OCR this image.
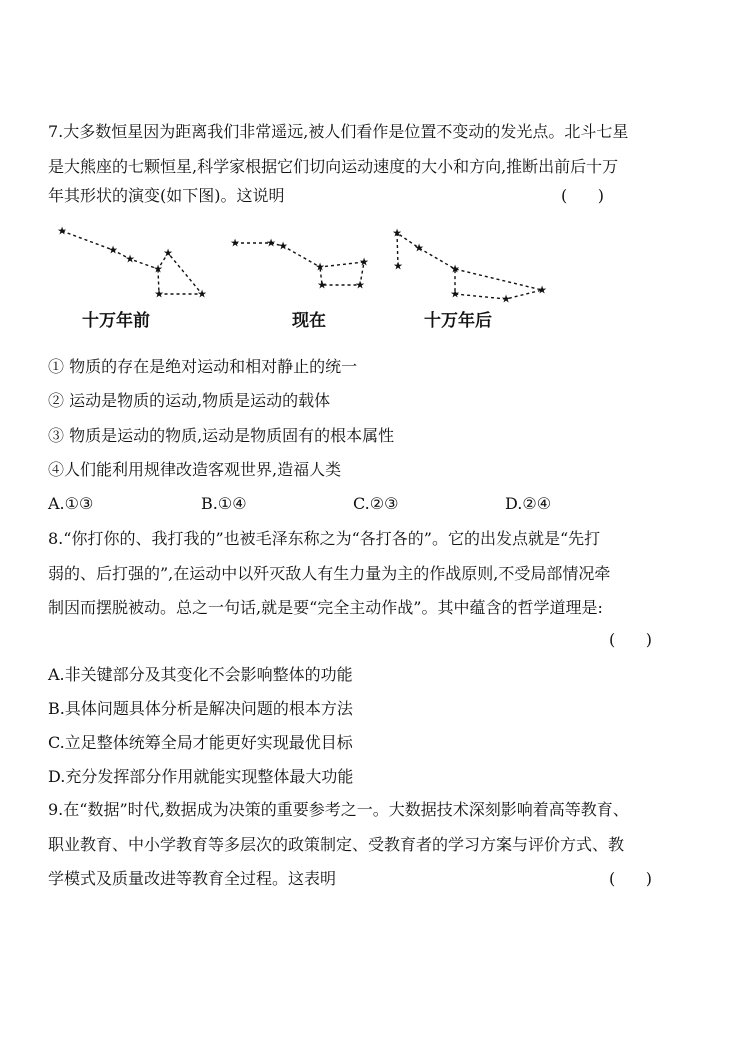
7.大多数恒星因为距离我们非常遥远,被人们看作是位置不变动的发光点。北斗七星
是大熊座的七颗恒星,科学家根据它们切向运动速度的大小和方向,推断出前后十万
年其形状的演变(如下图)。这说明	(      )
★
★
★
★
★
★
★
★ ★ ★
★	★
★
★
★
★
★
★
★
★
★
十万年前	现在	十万年后
① 物质的存在是绝对运动和相对静止的统一
② 运动是物质的运动,物质是运动的载体
③ 物质是运动的物质,运动是物质固有的根本属性
④人们能利用规律改造客观世界,造福人类
A.①③	B.①④	C.②③	D.②④
8.“你打你的、我打我的”也被毛泽东称之为“各打各的”。它的出发点就是“先打
弱的、后打强的”,在运动中以歼灭敌人有生力量为主的作战原则,不受局部情况牵
制因而摆脱被动。总之一句话,就是要“完全主动作战”。其中蕴含的哲学道理是:
(      )
A.非关键部分及其变化不会影响整体的功能
B.具体问题具体分析是解决问题的根本方法
C.立足整体统筹全局才能更好实现最优目标
D.充分发挥部分作用就能实现整体最大功能
9.在“数据”时代,数据成为决策的重要参考之一。大数据技术深刻影响着高等教育、
职业教育、中小学教育等多层次的政策制定、受教育者的学习方案与评价方式、教
学模式及质量改进等教育全过程。这表明	(      )
